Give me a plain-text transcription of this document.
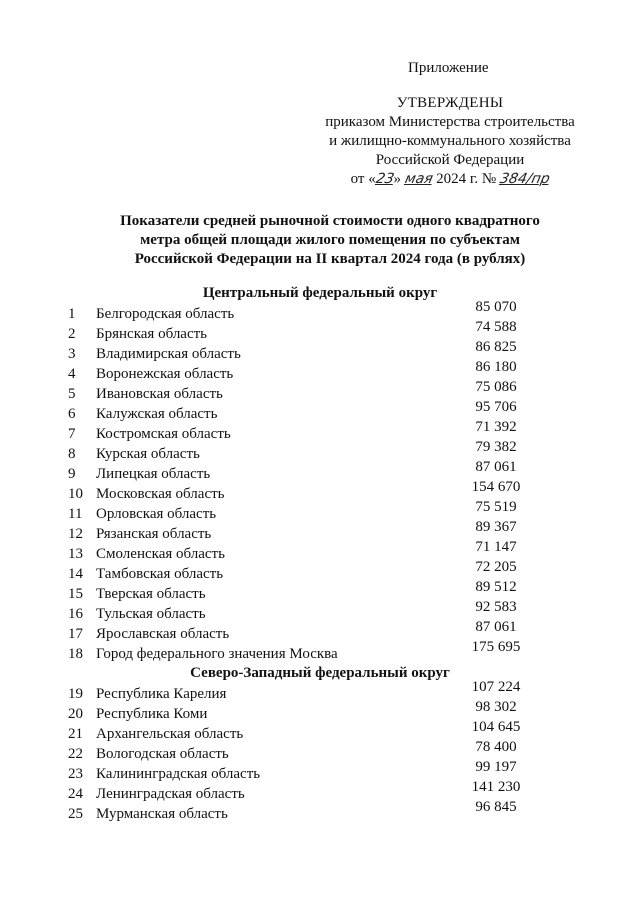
Приложение
УТВЕРЖДЕНЫ
приказом Министерства строительства
и жилищно-коммунального хозяйства
Российской Федерации
от «23» мая 2024 г. № 384/пр
Показатели средней рыночной стоимости одного квадратного
метра общей площади жилого помещения по субъектам
Российской Федерации на II квартал 2024 года (в рублях)
Центральный федеральный округ
1 Белгородская область	85 070
2 Брянская область	74 588
3 Владимирская область	86 825
4 Воронежская область	86 180
5 Ивановская область	75 086
6 Калужская область	95 706
7 Костромская область	71 392
8 Курская область	79 382
9 Липецкая область	87 061
10 Московская область	154 670
11 Орловская область	75 519
12 Рязанская область	89 367
13 Смоленская область	71 147
14 Тамбовская область	72 205
15 Тверская область	89 512
16 Тульская область	92 583
17 Ярославская область	87 061
18 Город федерального значения Москва	175 695
Северо-Западный федеральный округ
19 Республика Карелия	107 224
20 Республика Коми	98 302
21 Архангельская область	104 645
22 Вологодская область	78 400
23 Калининградская область	99 197
24 Ленинградская область	141 230
25 Мурманская область	96 845
